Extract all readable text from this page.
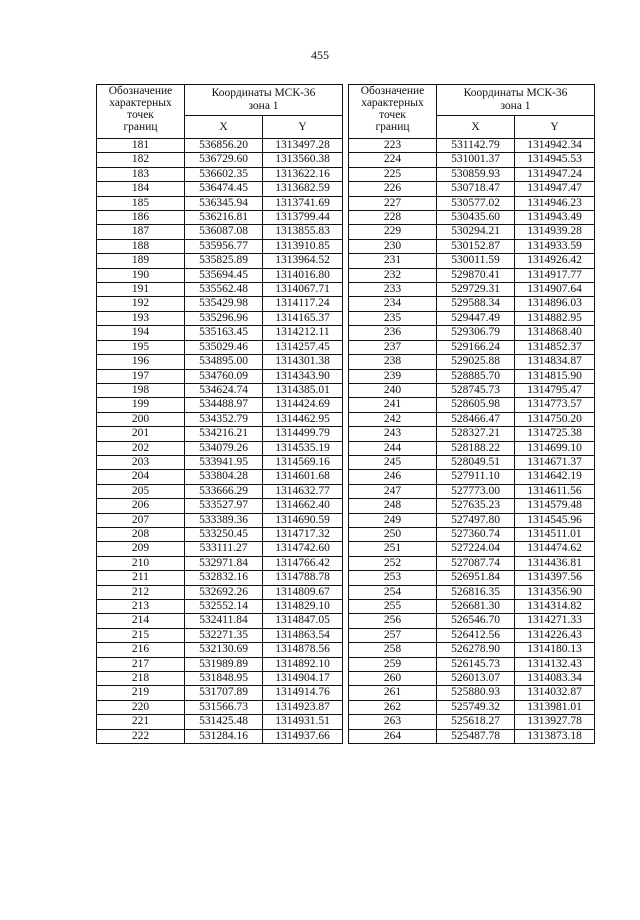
455
Обозначение
характерных
точек
границ	Координаты МСК-36
зона 1	

	X	Y
181	536856.20	1313497.28
182	536729.60	1313560.38
183	536602.35	1313622.16
184	536474.45	1313682.59
185	536345.94	1313741.69
186	536216.81	1313799.44
187	536087.08	1313855.83
188	535956.77	1313910.85
189	535825.89	1313964.52
190	535694.45	1314016.80
191	535562.48	1314067.71
192	535429.98	1314117.24
193	535296.96	1314165.37
194	535163.45	1314212.11
195	535029.46	1314257.45
196	534895.00	1314301.38
197	534760.09	1314343.90
198	534624.74	1314385.01
199	534488.97	1314424.69
200	534352.79	1314462.95
201	534216.21	1314499.79
202	534079.26	1314535.19
203	533941.95	1314569.16
204	533804.28	1314601.68
205	533666.29	1314632.77
206	533527.97	1314662.40
207	533389.36	1314690.59
208	533250.45	1314717.32
209	533111.27	1314742.60
210	532971.84	1314766.42
211	532832.16	1314788.78
212	532692.26	1314809.67
213	532552.14	1314829.10
214	532411.84	1314847.05
215	532271.35	1314863.54
216	532130.69	1314878.56
217	531989.89	1314892.10
218	531848.95	1314904.17
219	531707.89	1314914.76
220	531566.73	1314923.87
221	531425.48	1314931.51
222	531284.16	1314937.66
Обозначение
характерных
точек
границ	Координаты МСК-36
зона 1	

	X	Y
223	531142.79	1314942.34
224	531001.37	1314945.53
225	530859.93	1314947.24
226	530718.47	1314947.47
227	530577.02	1314946.23
228	530435.60	1314943.49
229	530294.21	1314939.28
230	530152.87	1314933.59
231	530011.59	1314926.42
232	529870.41	1314917.77
233	529729.31	1314907.64
234	529588.34	1314896.03
235	529447.49	1314882.95
236	529306.79	1314868.40
237	529166.24	1314852.37
238	529025.88	1314834.87
239	528885.70	1314815.90
240	528745.73	1314795.47
241	528605.98	1314773.57
242	528466.47	1314750.20
243	528327.21	1314725.38
244	528188.22	1314699.10
245	528049.51	1314671.37
246	527911.10	1314642.19
247	527773.00	1314611.56
248	527635.23	1314579.48
249	527497.80	1314545.96
250	527360.74	1314511.01
251	527224.04	1314474.62
252	527087.74	1314436.81
253	526951.84	1314397.56
254	526816.35	1314356.90
255	526681.30	1314314.82
256	526546.70	1314271.33
257	526412.56	1314226.43
258	526278.90	1314180.13
259	526145.73	1314132.43
260	526013.07	1314083.34
261	525880.93	1314032.87
262	525749.32	1313981.01
263	525618.27	1313927.78
264	525487.78	1313873.18
